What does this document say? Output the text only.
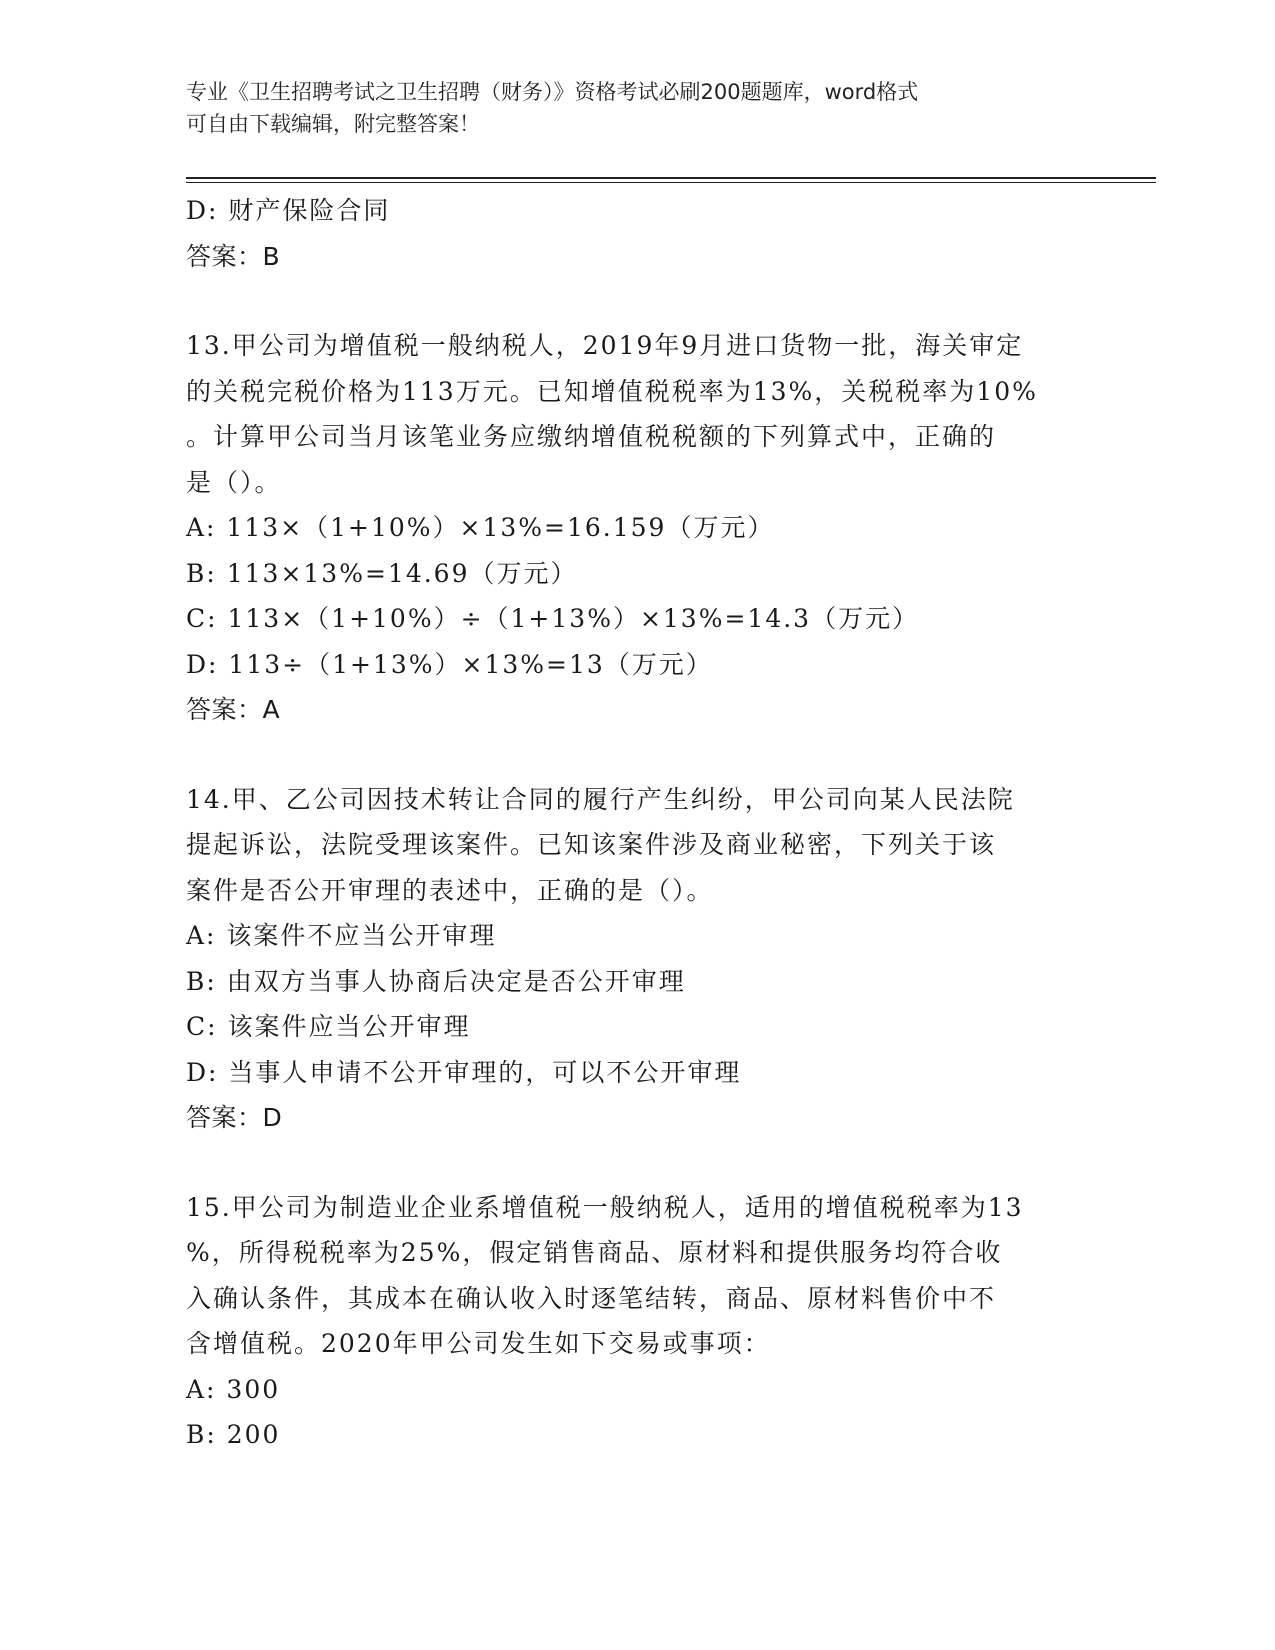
专业《卫生招聘考试之卫生招聘（财务）》资格考试必刷200题题库，word格式
可自由下载编辑，附完整答案！
D: 财产保险合同
答案：B
13.甲公司为增值税一般纳税人，2019年9月进口货物一批，海关审定
的关税完税价格为113万元。已知增值税税率为13%，关税税率为10%
。计算甲公司当月该笔业务应缴纳增值税税额的下列算式中，正确的
是（）。
A: 113×（1+10%）×13%=16.159（万元）
B: 113×13%=14.69（万元）
C: 113×（1+10%）÷（1+13%）×13%=14.3（万元）
D: 113÷（1+13%）×13%=13（万元）
答案：A
14.甲、乙公司因技术转让合同的履行产生纠纷，甲公司向某人民法院
提起诉讼，法院受理该案件。已知该案件涉及商业秘密，下列关于该
案件是否公开审理的表述中，正确的是（）。
A: 该案件不应当公开审理
B: 由双方当事人协商后决定是否公开审理
C: 该案件应当公开审理
D: 当事人申请不公开审理的，可以不公开审理
答案：D
15.甲公司为制造业企业系增值税一般纳税人，适用的增值税税率为13
%，所得税税率为25%，假定销售商品、原材料和提供服务均符合收
入确认条件，其成本在确认收入时逐笔结转，商品、原材料售价中不
含增值税。2020年甲公司发生如下交易或事项：
A: 300
B: 200
